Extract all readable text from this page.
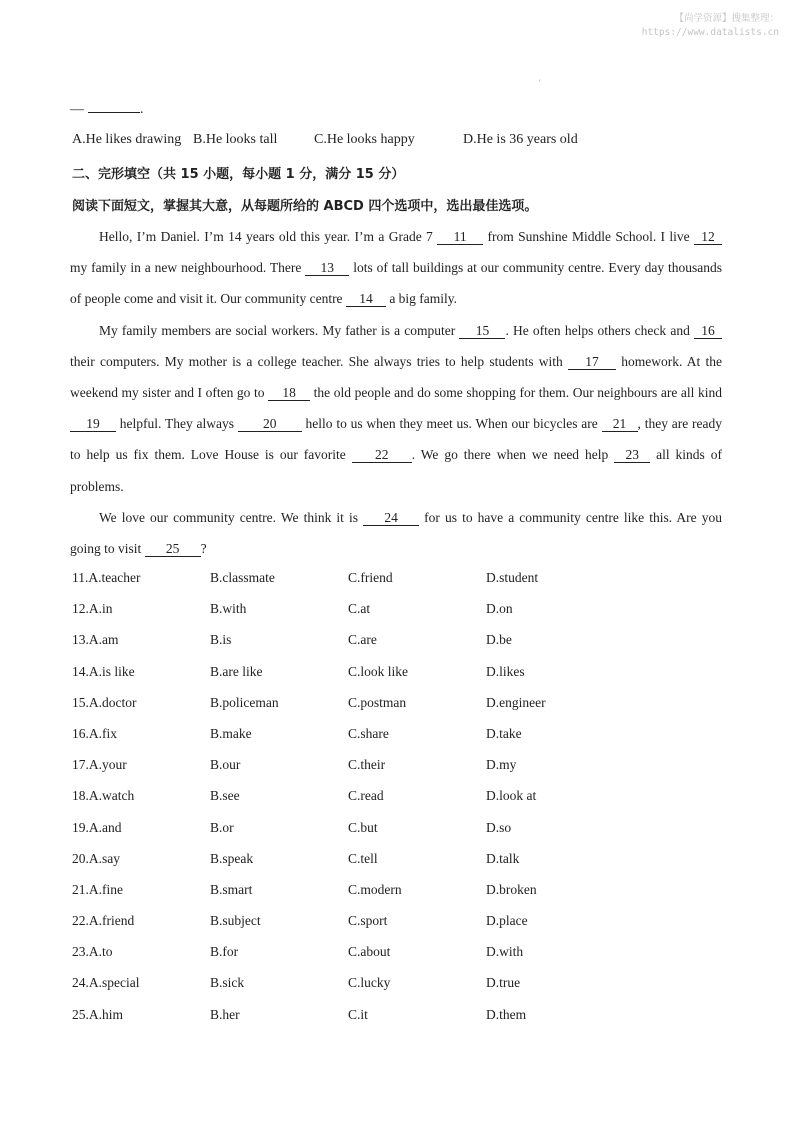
【尚学资源】搜集整理：
https://www.datalists.cn
'
—	.
A.He likes drawing B.He looks tall	C.He looks happy	D.He is 36 years old
二、完形填空（共 15 小题，每小题 1 分，满分 15 分）
阅读下面短文，掌握其大意，从每题所给的 ABCD 四个选项中，选出最佳选项。

Hello, I’m Daniel. I’m 14 years old this year. I’m a Grade 7 11 from Sunshine Middle School. I live 12 my family in a new neighbourhood. There 13 lots of tall buildings at our community centre. Every day thousands of people come and visit it. Our community centre 14 a big family.

My family members are social workers. My father is a computer 15 . He often helps others check and 16 their computers. My mother is a college teacher. She always tries to help students with 17 homework. At the weekend my sister and I often go to 18 the old people and do some shopping for them. Our neighbours are all kind 19 helpful. They always 20 hello to us when they meet us. When our bicycles are 21 , they are ready to help us fix them. Love House is our favorite 22 . We go there when we need help 23 all kinds of problems.

We love our community centre. We think it is 24 for us to have a community centre like this. Are you going to visit 25 ?

11.A.teacher	B.classmate	C.friend	D.student
12.A.in	B.with	C.at	D.on
13.A.am	B.is	C.are	D.be
14.A.is like	B.are like	C.look like	D.likes
15.A.doctor	B.policeman	C.postman	D.engineer
16.A.fix	B.make	C.share	D.take
17.A.your	B.our	C.their	D.my
18.A.watch	B.see	C.read	D.look at
19.A.and	B.or	C.but	D.so
20.A.say	B.speak	C.tell	D.talk
21.A.fine	B.smart	C.modern	D.broken
22.A.friend	B.subject	C.sport	D.place
23.A.to	B.for	C.about	D.with
24.A.special	B.sick	C.lucky	D.true
25.A.him	B.her	C.it	D.them
